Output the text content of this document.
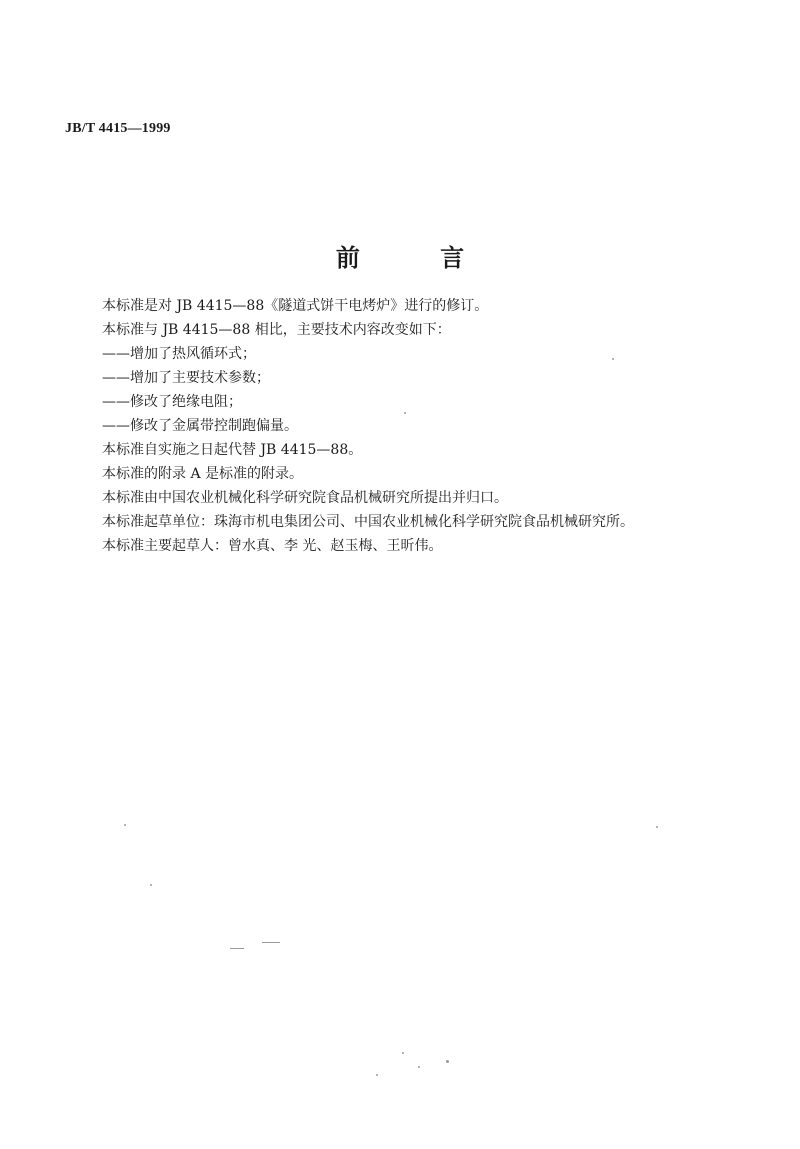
JB/T 4415—1999
前 言
本标准是对 JB 4415—88《隧道式饼干电烤炉》进行的修订。
本标准与 JB 4415—88 相比，主要技术内容改变如下：
——增加了热风循环式；
——增加了主要技术参数；
——修改了绝缘电阻；
——修改了金属带控制跑偏量。
本标准自实施之日起代替 JB 4415—88。
本标准的附录 A 是标准的附录。
本标准由中国农业机械化科学研究院食品机械研究所提出并归口。
本标准起草单位：珠海市机电集团公司、中国农业机械化科学研究院食品机械研究所。
本标准主要起草人：曾水真、李 光、赵玉梅、王昕伟。
